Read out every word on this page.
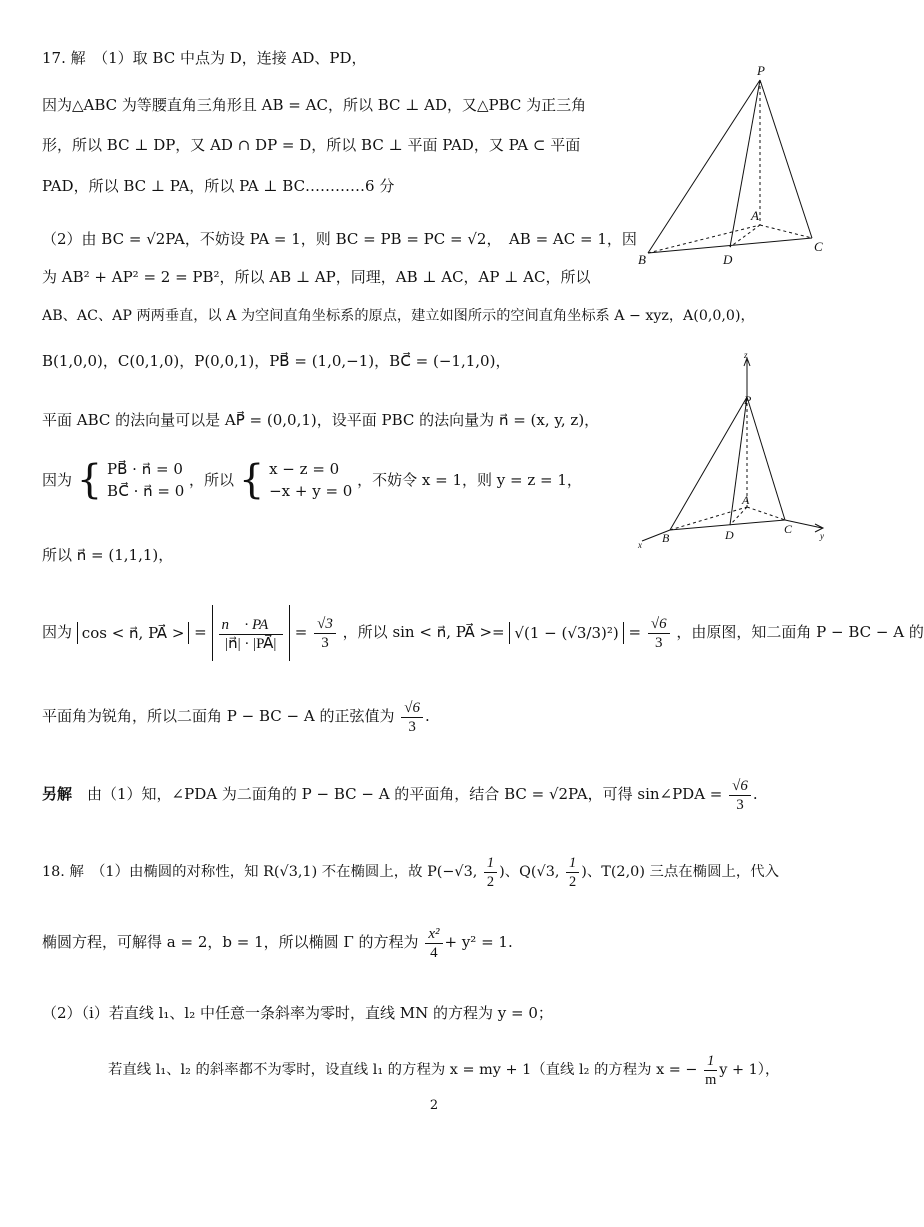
17. 解　（1）取 BC 中点为 D，连接 AD、PD，
因为△ABC 为等腰直角三角形且 AB = AC，所以 BC ⊥ AD，又△PBC 为正三角
形，所以 BC ⊥ DP，又 AD ∩ DP = D，所以 BC ⊥ 平面 PAD，又 PA ⊂ 平面
PAD，所以 BC ⊥ PA，所以 PA ⊥ BC…………6 分
（2）由 BC = √2PA，不妨设 PA = 1，则 BC = PB = PC = √2，　AB = AC = 1，因
为 AB² + AP² = 2 = PB²，所以 AB ⊥ AP，同理，AB ⊥ AC，AP ⊥ AC，所以
AB、AC、AP 两两垂直，以 A 为空间直角坐标系的原点，建立如图所示的空间直角坐标系 A − xyz，A(0,0,0)，
B(1,0,0)，C(0,1,0)，P(0,0,1)，PB⃗ = (1,0,−1)，BC⃗ = (−1,1,0)，
平面 ABC 的法向量可以是 AP⃗ = (0,0,1)，设平面 PBC 的法向量为 n⃗ = (x, y, z)，
因为 { PB⃗ · n⃗ = 0
BC⃗ · n⃗ = 0
，所以 { x − z = 0
−x + y = 0
，不妨令 x = 1，则 y = z = 1，
所以 n⃗ = (1,1,1)，
因为 cos < n⃗, PA⃗ > = $\frac{n⃗ \cdot PA⃗}{|n⃗| \cdot |PA⃗|} = \frac{√3}{3}$ ，所以 sin < n⃗, PA⃗ >= $√(1 - (√3/3)^2) = \frac{√6}{3}$ ，由原图，知二面角 P − BC − A 的
平面角为锐角，所以二面角 P − BC − A 的正弦值为 $\frac{√6}{3}$ .
另解　由（1）知，∠PDA 为二面角的 P − BC − A 的平面角，结合 BC = √2PA，可得 sin∠PDA = $\frac{√6}{3}$ .
18. 解　（1）由椭圆的对称性，知 R(√3,1) 不在椭圆上，故 P(−√3, $\frac{1}{2}$ )、Q(√3, $\frac{1}{2}$ )、T(2,0) 三点在椭圆上，代入
椭圆方程，可解得 a = 2，b = 1，所以椭圆 Γ 的方程为 $\frac{\text{x²}}{4} + y^2 = 1$.
（2）（i）若直线 l₁、l₂ 中任意一条斜率为零时，直线 MN 的方程为 y = 0；
若直线 l₁、l₂ 的斜率都不为零时，设直线 l₁ 的方程为 x = my + 1（直线 l₂ 的方程为 x = − $\frac{1}{m}$ y + 1），
2
P
A
B
C
D
z
P
A
B
C
D
x
y
